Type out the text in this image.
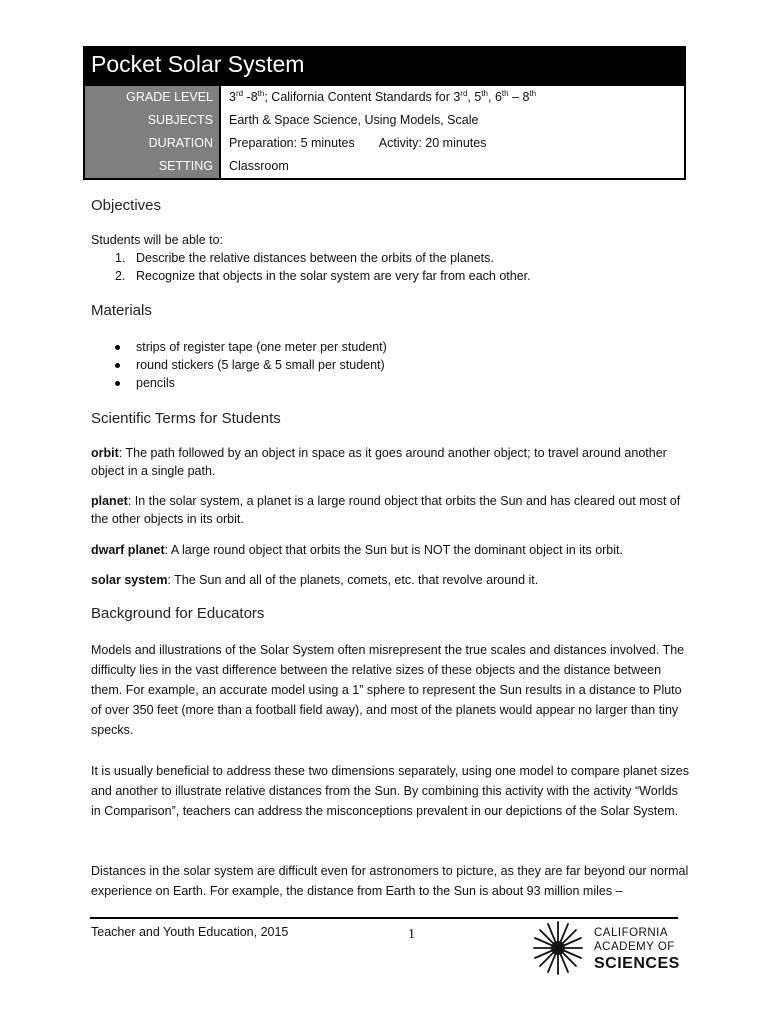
Pocket Solar System
GRADE LEVEL	3rd -8th; California Content Standards for 3rd, 5th, 6th – 8th
SUBJECTS	Earth & Space Science, Using Models, Scale
DURATION	Preparation: 5 minutes Activity: 20 minutes
SETTING	Classroom
Objectives
Students will be able to:
1. Describe the relative distances between the orbits of the planets.
2. Recognize that objects in the solar system are very far from each other.
Materials
strips of register tape (one meter per student)
round stickers (5 large & 5 small per student)
pencils
Scientific Terms for Students
orbit: The path followed by an object in space as it goes around another object; to travel around another object in a single path.
planet: In the solar system, a planet is a large round object that orbits the Sun and has cleared out most of the other objects in its orbit.
dwarf planet: A large round object that orbits the Sun but is NOT the dominant object in its orbit.
solar system: The Sun and all of the planets, comets, etc. that revolve around it.
Background for Educators
Models and illustrations of the Solar System often misrepresent the true scales and distances involved. The difficulty lies in the vast difference between the relative sizes of these objects and the distance between them. For example, an accurate model using a 1” sphere to represent the Sun results in a distance to Pluto of over 350 feet (more than a football field away), and most of the planets would appear no larger than tiny specks.
It is usually beneficial to address these two dimensions separately, using one model to compare planet sizes and another to illustrate relative distances from the Sun. By combining this activity with the activity “Worlds in Comparison”, teachers can address the misconceptions prevalent in our depictions of the Solar System.
Distances in the solar system are difficult even for astronomers to picture, as they are far beyond our normal experience on Earth. For example, the distance from Earth to the Sun is about 93 million miles –
Teacher and Youth Education, 2015	1	CALIFORNIA
ACADEMY OF
SCIENCES
